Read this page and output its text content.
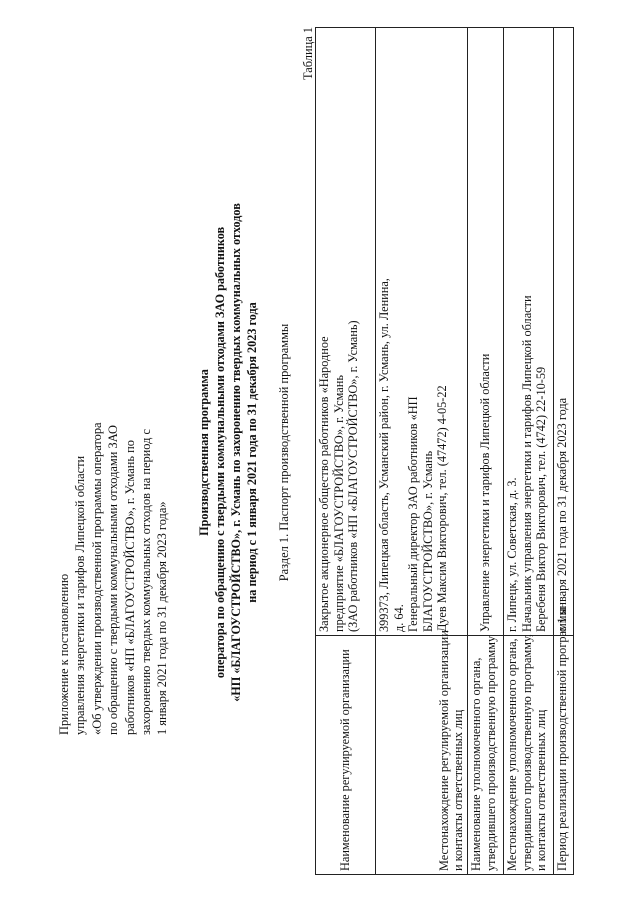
Приложение к постановлению управления энергетики и тарифов Липецкой области «Об утверждении производственной программы оператора по обращению с твердыми коммунальными отходами ЗАО работников «НП «БЛАГОУСТРОЙСТВО», г. Усмань по захоронению твердых коммунальных отходов на период с 1 января 2021 года по 31 декабря 2023 года»
Производственная программа оператора по обращению с твердыми коммунальными отходами ЗАО работников «НП «БЛАГОУСТРОЙСТВО», г. Усмань по захоронению твердых коммунальных отходов на период с 1 января 2021 года по 31 декабря 2023 года Раздел 1. Паспорт производственной программы
Таблица 1
Наименование регулируемой организации	Закрытое акционерное общество работников «Народное предприятие «БЛАГОУСТРОЙСТВО», г. Усмань (ЗАО работников «НП «БЛАГОУСТРОЙСТВО», г. Усмань)

Местонахождение регулируемой организации и контакты ответственных лиц	399373, Липецкая область, Усманский район, г. Усмань, ул. Ленина, д. 64. Генеральный директор ЗАО работников «НП БЛАГОУСТРОЙСТВО», г. Усмань Дуев Максим Викторович, тел. (47472) 4-05-22

Наименование уполномоченного органа, утвердившего производственную программу	Управление энергетики и тарифов Липецкой области

Местонахождение уполномоченного органа, утвердившего производственную программу, и контакты ответственных лиц	г. Липецк, ул. Советская, д. 3. Начальник управления энергетики и тарифов Липецкой области Беребеня Виктор Викторович, тел. (4742) 22-10-59

Период реализации производственной программы	с 1 января 2021 года по 31 декабря 2023 года
